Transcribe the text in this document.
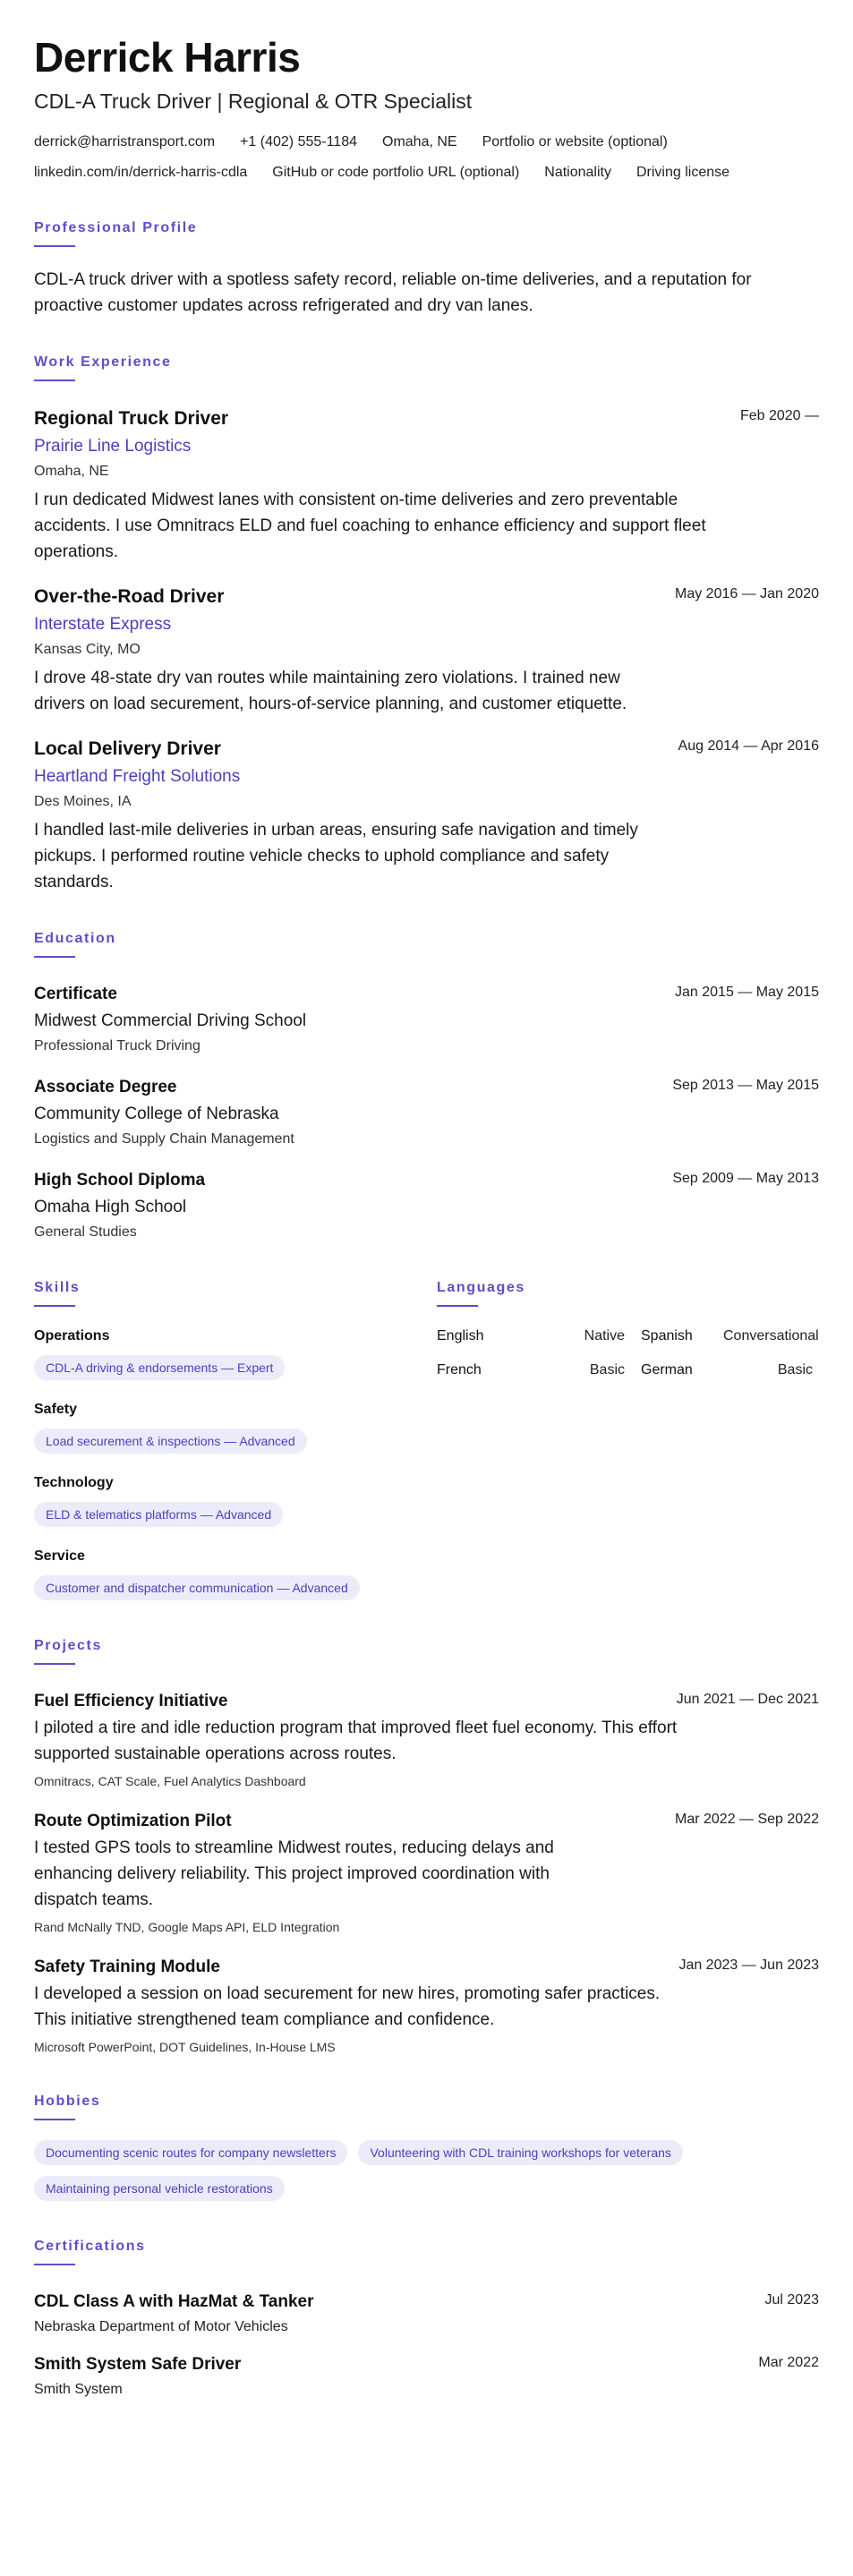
Derrick Harris
CDL-A Truck Driver | Regional & OTR Specialist
derrick@harristransport.com +1 (402) 555-1184 Omaha, NE Portfolio or website (optional)
linkedin.com/in/derrick-harris-cdla GitHub or code portfolio URL (optional) Nationality Driving license
Professional Profile
CDL-A truck driver with a spotless safety record, reliable on-time deliveries, and a reputation for proactive customer updates across refrigerated and dry van lanes.
Work Experience
Feb 2020 —
Regional Truck Driver
Prairie Line Logistics
Omaha, NE
I run dedicated Midwest lanes with consistent on-time deliveries and zero preventable accidents. I use Omnitracs ELD and fuel coaching to enhance efficiency and support fleet operations.
May 2016 — Jan 2020
Over-the-Road Driver
Interstate Express
Kansas City, MO
I drove 48-state dry van routes while maintaining zero violations. I trained new drivers on load securement, hours-of-service planning, and customer etiquette.
Aug 2014 — Apr 2016
Local Delivery Driver
Heartland Freight Solutions
Des Moines, IA
I handled last-mile deliveries in urban areas, ensuring safe navigation and timely pickups. I performed routine vehicle checks to uphold compliance and safety standards.
Education
Jan 2015 — May 2015
Certificate
Midwest Commercial Driving School
Professional Truck Driving
Sep 2013 — May 2015
Associate Degree
Community College of Nebraska
Logistics and Supply Chain Management
Sep 2009 — May 2013
High School Diploma
Omaha High School
General Studies
Skills
Operations
CDL-A driving & endorsements — Expert
Safety
Load securement & inspections — Advanced
Technology
ELD & telematics platforms — Advanced
Service
Customer and dispatcher communication — Advanced
Languages
English	Native	Spanish	Conversational
French	Basic	German	Basic
Projects
Jun 2021 — Dec 2021
Fuel Efficiency Initiative
I piloted a tire and idle reduction program that improved fleet fuel economy. This effort supported sustainable operations across routes.
Omnitracs, CAT Scale, Fuel Analytics Dashboard
Mar 2022 — Sep 2022
Route Optimization Pilot
I tested GPS tools to streamline Midwest routes, reducing delays and enhancing delivery reliability. This project improved coordination with dispatch teams.
Rand McNally TND, Google Maps API, ELD Integration
Jan 2023 — Jun 2023
Safety Training Module
I developed a session on load securement for new hires, promoting safer practices. This initiative strengthened team compliance and confidence.
Microsoft PowerPoint, DOT Guidelines, In-House LMS
Hobbies
Documenting scenic routes for company newsletters	Volunteering with CDL training workshops for veterans
Maintaining personal vehicle restorations
Certifications
Jul 2023
CDL Class A with HazMat & Tanker
Nebraska Department of Motor Vehicles
Mar 2022
Smith System Safe Driver
Smith System
